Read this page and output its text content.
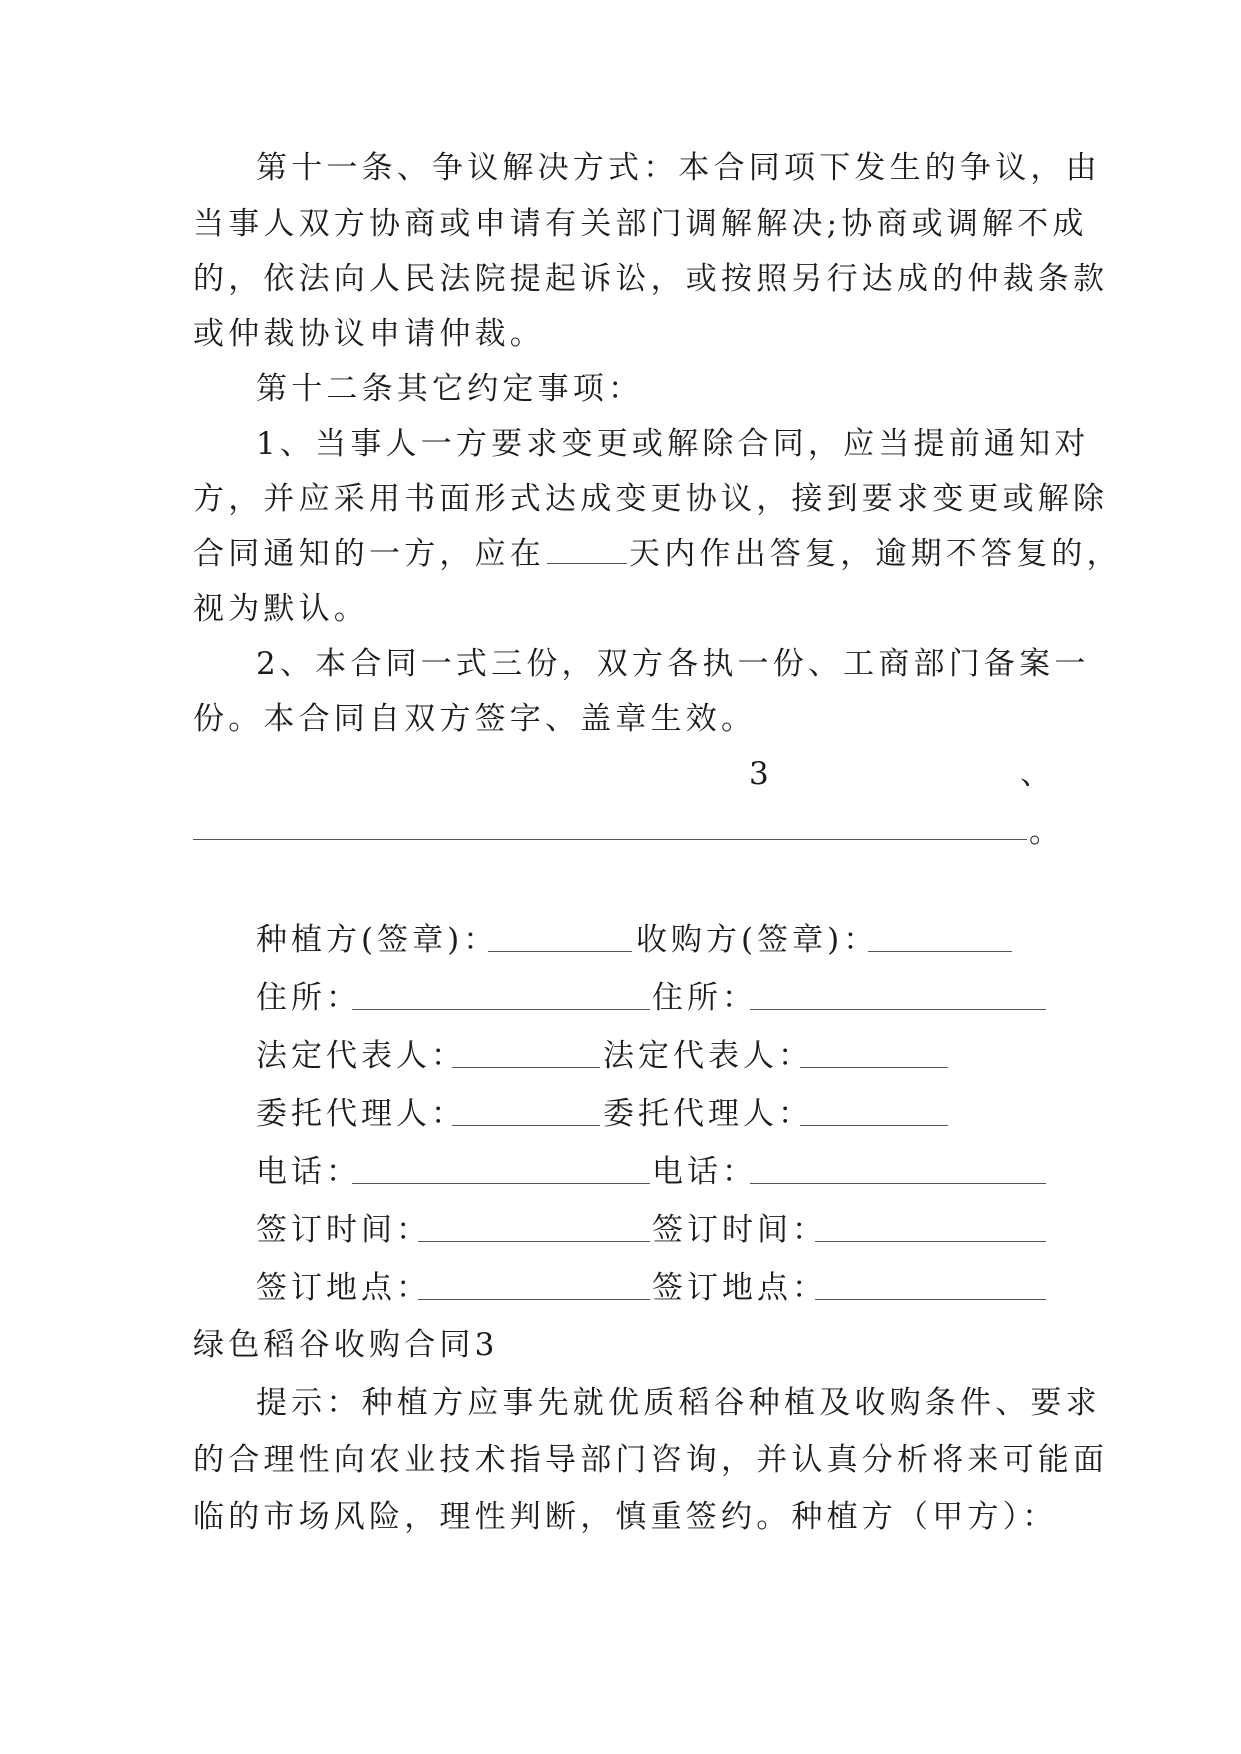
第十一条、争议解决方式：本合同项下发生的争议，由
当事人双方协商或申请有关部门调解解决;协商或调解不成
的，依法向人民法院提起诉讼，或按照另行达成的仲裁条款
或仲裁协议申请仲裁。
第十二条其它约定事项：
1、当事人一方要求变更或解除合同，应当提前通知对
方，并应采用书面形式达成变更协议，接到要求变更或解除
合同通知的一方，应在	天内作出答复，逾期不答复的，
视为默认。
2、本合同一式三份，双方各执一份、工商部门备案一
份。本合同自双方签字、盖章生效。
3	、
。
种植方(签章)：	收购方(签章)：
住所：	住所：
法定代表人：	法定代表人：
委托代理人：	委托代理人：
电话：	电话：
签订时间：	签订时间：
签订地点：	签订地点：
绿色稻谷收购合同3
提示：种植方应事先就优质稻谷种植及收购条件、要求
的合理性向农业技术指导部门咨询，并认真分析将来可能面
临的市场风险，理性判断，慎重签约。种植方（甲方）：
